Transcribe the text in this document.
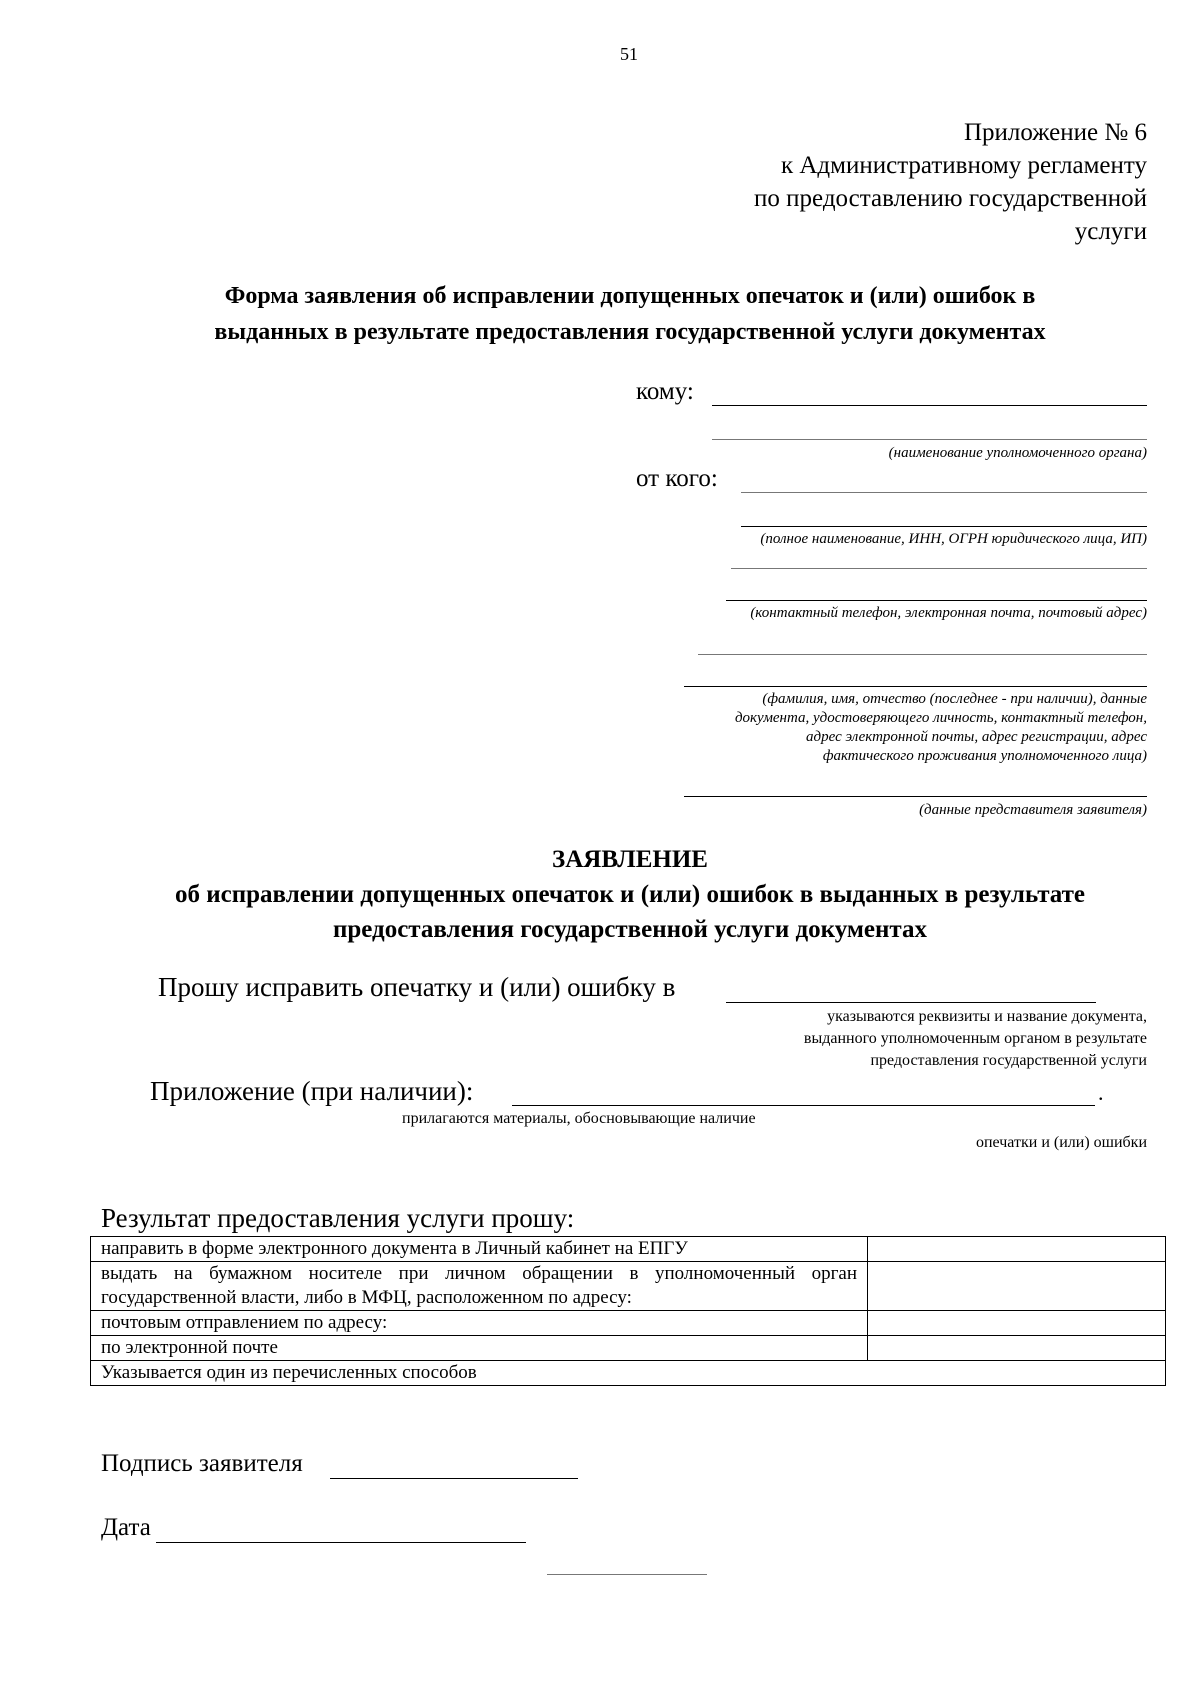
51
Приложение № 6
к Административному регламенту
по предоставлению государственной
услуги
Форма заявления об исправлении допущенных опечаток и (или) ошибок в
выданных в результате предоставления государственной услуги документах
кому:
(наименование уполномоченного органа)
от кого:
(полное наименование, ИНН, ОГРН юридического лица, ИП)
(контактный телефон, электронная почта, почтовый адрес)
(фамилия, имя, отчество (последнее - при наличии), данные
документа, удостоверяющего личность, контактный телефон,
адрес электронной почты, адрес регистрации, адрес
фактического проживания уполномоченного лица)
(данные представителя заявителя)
ЗАЯВЛЕНИЕ
об исправлении допущенных опечаток и (или) ошибок в выданных в результате
предоставления государственной услуги документах
Прошу исправить опечатку и (или) ошибку в
указываются реквизиты и название документа,
выданного уполномоченным органом в результате
предоставления государственной услуги
Приложение (при наличии):	.
прилагаются материалы, обосновывающие наличие
опечатки и (или) ошибки
Результат предоставления услуги прошу:
направить в форме электронного документа в Личный кабинет на ЕПГУ	
выдать на бумажном носителе при личном обращении в уполномоченный орган государственной власти, либо в МФЦ, расположенном по адресу:	
почтовым отправлением по адресу:	
по электронной почте	
Указывается один из перечисленных способов	
Подпись заявителя
Дата
